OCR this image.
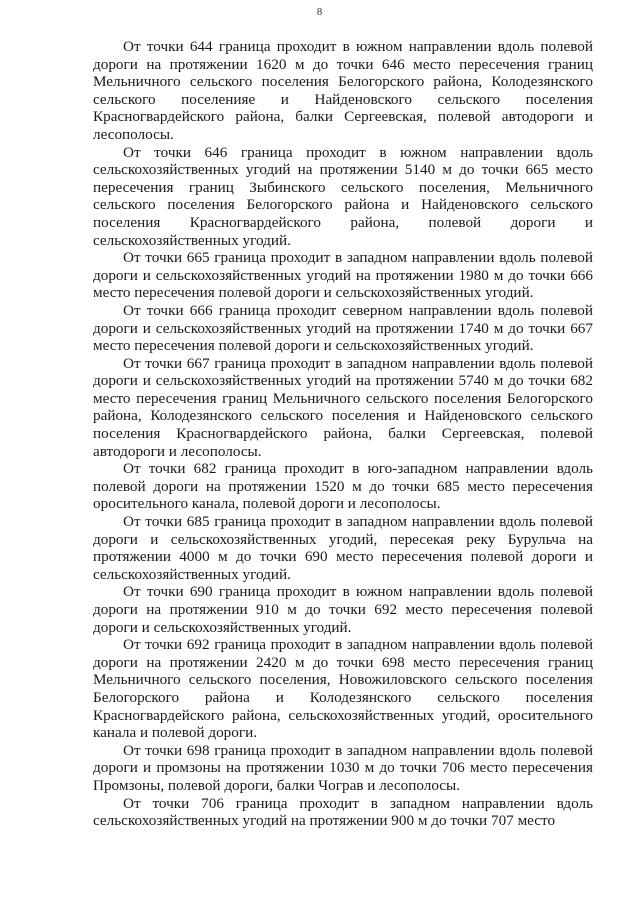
8

От точки 644 граница проходит в южном направлении вдоль полевой дороги на протяжении 1620 м до точки 646 место пересечения границ Мельничного сельского поселения Белогорского района, Колодезянского сельского поселенияе и Найденовского сельского поселения Красногвардейского района, балки Сергеевская, полевой автодороги и лесополосы.

От точки 646 граница проходит в южном направлении вдоль сельскохозяйственных угодий на протяжении 5140 м до точки 665 место пересечения границ Зыбинского сельского поселения, Мельничного сельского поселения Белогорского района и Найденовского сельского поселения Красногвардейского района, полевой дороги и сельскохозяйственных угодий.

От точки 665 граница проходит в западном направлении вдоль полевой дороги и сельскохозяйственных угодий на протяжении 1980 м до точки 666 место пересечения полевой дороги и сельскохозяйственных угодий.

От точки 666 граница проходит северном направлении вдоль полевой дороги и сельскохозяйственных угодий на протяжении 1740 м до точки 667 место пересечения полевой дороги и сельскохозяйственных угодий.

От точки 667 граница проходит в западном направлении вдоль полевой дороги и сельскохозяйственных угодий на протяжении 5740 м до точки 682 место пересечения границ Мельничного сельского поселения Белогорского района, Колодезянского сельского поселения и Найденовского сельского поселения Красногвардейского района, балки Сергеевская, полевой автодороги и лесополосы.

От точки 682 граница проходит в юго-западном направлении вдоль полевой дороги на протяжении 1520 м до точки 685 место пересечения оросительного канала, полевой дороги и лесополосы.

От точки 685 граница проходит в западном направлении вдоль полевой дороги и сельскохозяйственных угодий, пересекая реку Бурульча на протяжении 4000 м до точки 690 место пересечения полевой дороги и сельскохозяйственных угодий.

От точки 690 граница проходит в южном направлении вдоль полевой дороги на протяжении 910 м до точки 692 место пересечения полевой дороги и сельскохозяйственных угодий.

От точки 692 граница проходит в западном направлении вдоль полевой дороги на протяжении 2420 м до точки 698 место пересечения границ Мельничного сельского поселения, Новожиловского сельского поселения Белогорского района и Колодезянского сельского поселения Красногвардейского района, сельскохозяйственных угодий, оросительного канала и полевой дороги.

От точки 698 граница проходит в западном направлении вдоль полевой дороги и промзоны на протяжении 1030 м до точки 706 место пересечения Промзоны, полевой дороги, балки Чограв и лесополосы.

От точки 706 граница проходит в западном направлении вдоль сельскохозяйственных угодий на протяжении 900 м до точки 707 место
